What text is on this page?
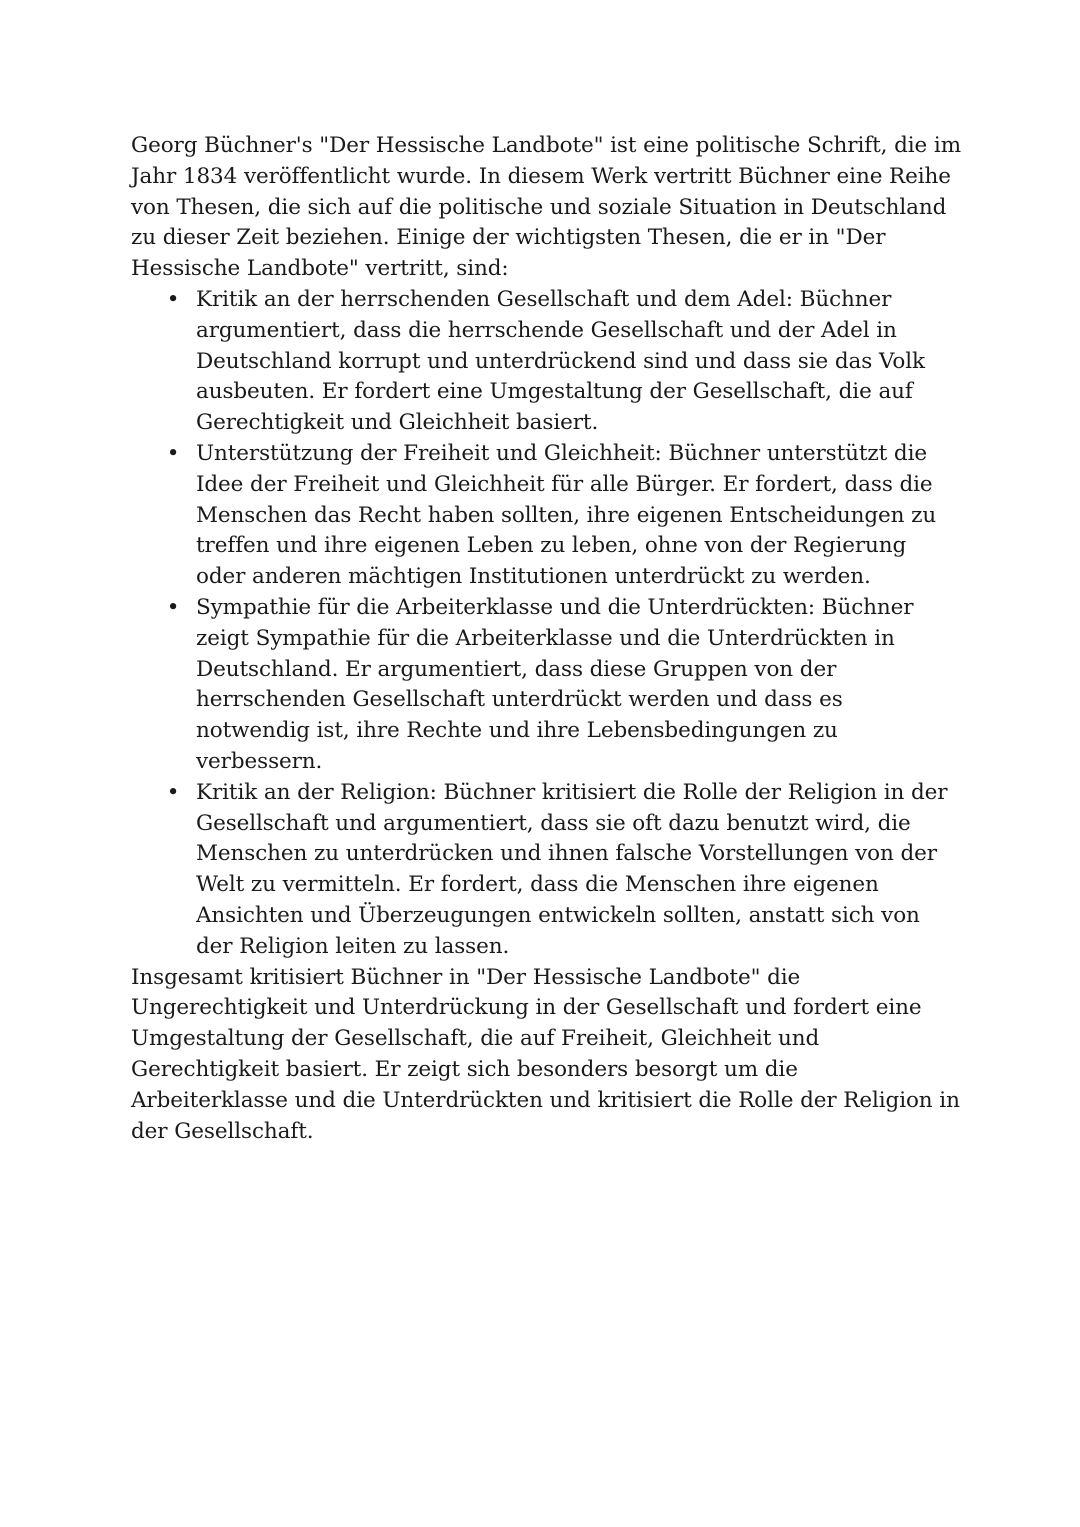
Georg Büchner's "Der Hessische Landbote" ist eine politische Schrift, die im Jahr 1834 veröffentlicht wurde. In diesem Werk vertritt Büchner eine Reihe von Thesen, die sich auf die politische und soziale Situation in Deutschland zu dieser Zeit beziehen. Einige der wichtigsten Thesen, die er in "Der Hessische Landbote" vertritt, sind:

• Kritik an der herrschenden Gesellschaft und dem Adel: Büchner argumentiert, dass die herrschende Gesellschaft und der Adel in Deutschland korrupt und unterdrückend sind und dass sie das Volk ausbeuten. Er fordert eine Umgestaltung der Gesellschaft, die auf Gerechtigkeit und Gleichheit basiert.
• Unterstützung der Freiheit und Gleichheit: Büchner unterstützt die Idee der Freiheit und Gleichheit für alle Bürger. Er fordert, dass die Menschen das Recht haben sollten, ihre eigenen Entscheidungen zu treffen und ihre eigenen Leben zu leben, ohne von der Regierung oder anderen mächtigen Institutionen unterdrückt zu werden.
• Sympathie für die Arbeiterklasse und die Unterdrückten: Büchner zeigt Sympathie für die Arbeiterklasse und die Unterdrückten in Deutschland. Er argumentiert, dass diese Gruppen von der herrschenden Gesellschaft unterdrückt werden und dass es notwendig ist, ihre Rechte und ihre Lebensbedingungen zu verbessern.
• Kritik an der Religion: Büchner kritisiert die Rolle der Religion in der Gesellschaft und argumentiert, dass sie oft dazu benutzt wird, die Menschen zu unterdrücken und ihnen falsche Vorstellungen von der Welt zu vermitteln. Er fordert, dass die Menschen ihre eigenen Ansichten und Überzeugungen entwickeln sollten, anstatt sich von der Religion leiten zu lassen.

Insgesamt kritisiert Büchner in "Der Hessische Landbote" die Ungerechtigkeit und Unterdrückung in der Gesellschaft und fordert eine Umgestaltung der Gesellschaft, die auf Freiheit, Gleichheit und Gerechtigkeit basiert. Er zeigt sich besonders besorgt um die Arbeiterklasse und die Unterdrückten und kritisiert die Rolle der Religion in der Gesellschaft.
